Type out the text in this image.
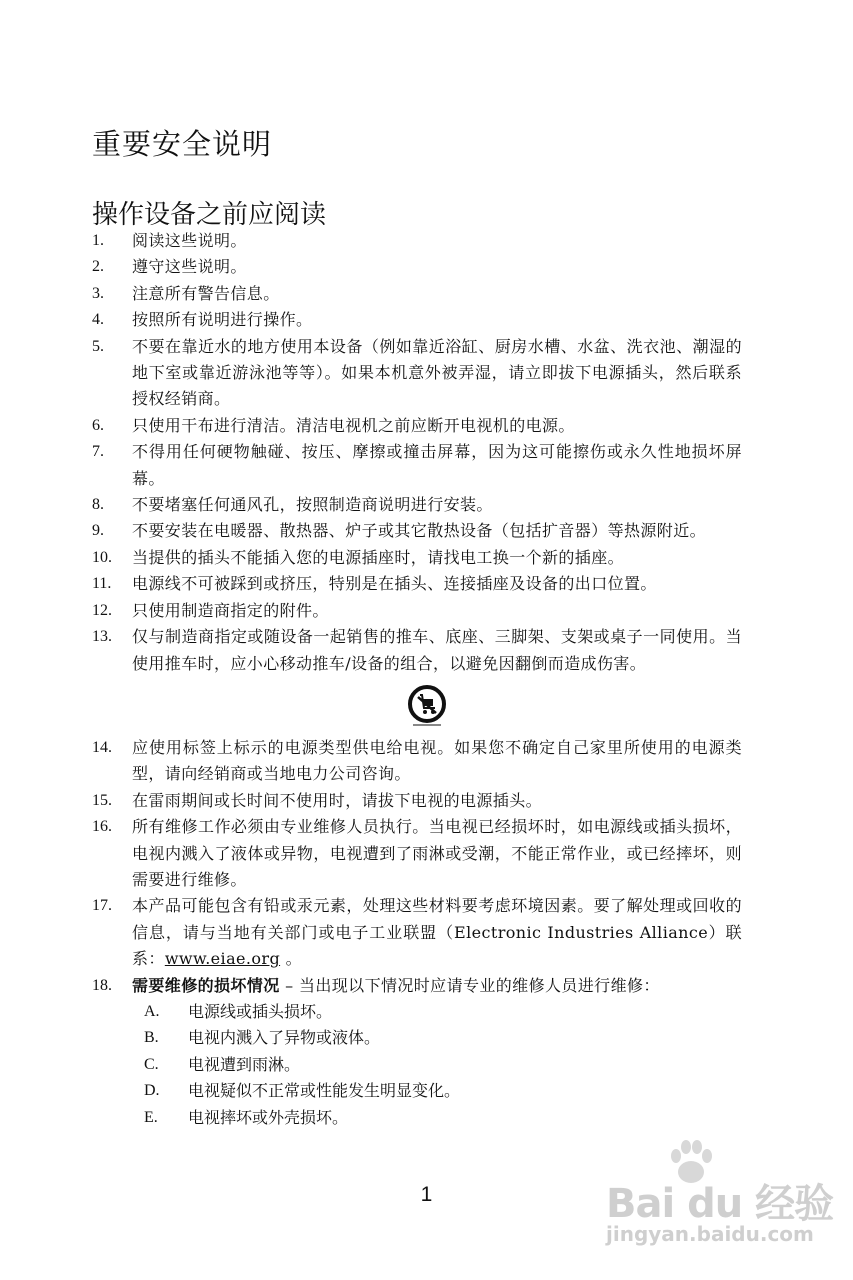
重要安全说明
操作设备之前应阅读
1.	阅读这些说明。
2.	遵守这些说明。
3.	注意所有警告信息。
4.	按照所有说明进行操作。
5.	不要在靠近水的地方使用本设备（例如靠近浴缸、厨房水槽、水盆、洗衣池、潮湿的地下室或靠近游泳池等等）。如果本机意外被弄湿，请立即拔下电源插头，然后联系授权经销商。
6.	只使用干布进行清洁。清洁电视机之前应断开电视机的电源。
7.	不得用任何硬物触碰、按压、摩擦或撞击屏幕，因为这可能擦伤或永久性地损坏屏幕。
8.	不要堵塞任何通风孔，按照制造商说明进行安装。
9.	不要安装在电暖器、散热器、炉子或其它散热设备（包括扩音器）等热源附近。
10.	当提供的插头不能插入您的电源插座时，请找电工换一个新的插座。
11.	电源线不可被踩到或挤压，特别是在插头、连接插座及设备的出口位置。
12.	只使用制造商指定的附件。
13.	仅与制造商指定或随设备一起销售的推车、底座、三脚架、支架或桌子一同使用。当使用推车时，应小心移动推车/设备的组合，以避免因翻倒而造成伤害。
14.	应使用标签上标示的电源类型供电给电视。如果您不确定自己家里所使用的电源类型，请向经销商或当地电力公司咨询。
15.	在雷雨期间或长时间不使用时，请拔下电视的电源插头。
16.	所有维修工作必须由专业维修人员执行。当电视已经损坏时，如电源线或插头损坏，电视内溅入了液体或异物，电视遭到了雨淋或受潮，不能正常作业，或已经摔坏，则需要进行维修。
17.	本产品可能包含有铅或汞元素，处理这些材料要考虑环境因素。要了解处理或回收的信息，请与当地有关部门或电子工业联盟（Electronic Industries Alliance）联系：www.eiae.org 。
18.	需要维修的损坏情况 – 当出现以下情况时应请专业的维修人员进行维修：
A.	电源线或插头损坏。
B.	电视内溅入了异物或液体。
C.	电视遭到雨淋。
D.	电视疑似不正常或性能发生明显变化。
E.	电视摔坏或外壳损坏。
1	Bai du 经验
jingyan.baidu.com
